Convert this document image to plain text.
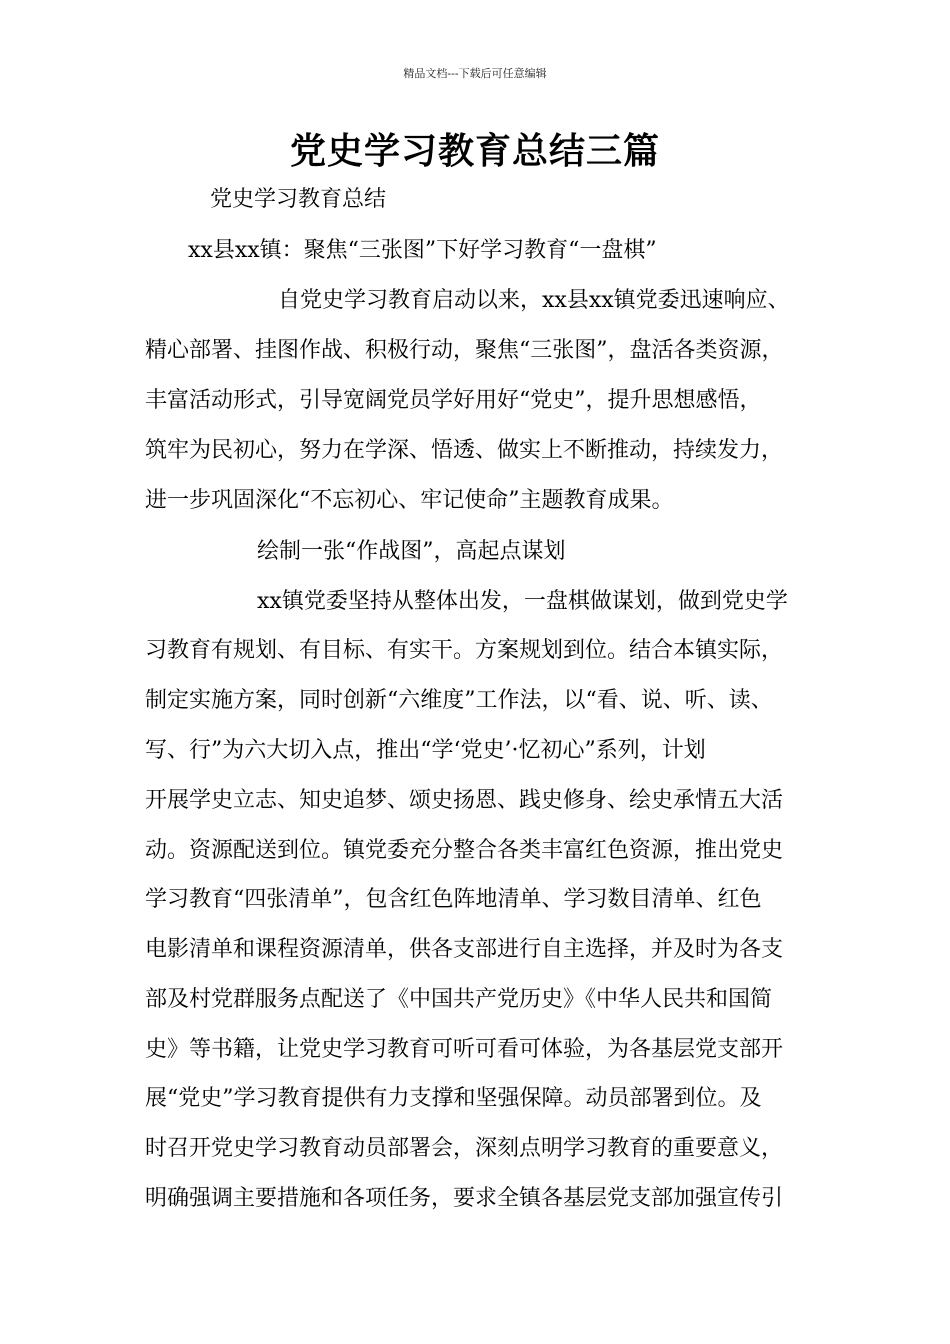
精品文档---下载后可任意编辑
党史学习教育总结三篇
党史学习教育总结
xx县xx镇：聚焦“三张图”下好学习教育“一盘棋”
自党史学习教育启动以来，xx县xx镇党委迅速响应、
精心部署、挂图作战、积极行动，聚焦“三张图”，盘活各类资源，
丰富活动形式，引导宽阔党员学好用好“党史”，提升思想感悟，
筑牢为民初心，努力在学深、悟透、做实上不断推动，持续发力，
进一步巩固深化“不忘初心、牢记使命”主题教育成果。
绘制一张“作战图”，高起点谋划
xx镇党委坚持从整体出发，一盘棋做谋划，做到党史学
习教育有规划、有目标、有实干。方案规划到位。结合本镇实际，
制定实施方案，同时创新“六维度”工作法，以“看、说、听、读、
写、行”为六大切入点，推出“学‘党史’·忆初心”系列，计划
开展学史立志、知史追梦、颂史扬恩、践史修身、绘史承情五大活
动。资源配送到位。镇党委充分整合各类丰富红色资源，推出党史
学习教育“四张清单”，包含红色阵地清单、学习数目清单、红色
电影清单和课程资源清单，供各支部进行自主选择，并及时为各支
部及村党群服务点配送了《中国共产党历史》《中华人民共和国简
史》等书籍，让党史学习教育可听可看可体验，为各基层党支部开
展“党史”学习教育提供有力支撑和坚强保障。动员部署到位。及
时召开党史学习教育动员部署会，深刻点明学习教育的重要意义，
明确强调主要措施和各项任务，要求全镇各基层党支部加强宣传引
